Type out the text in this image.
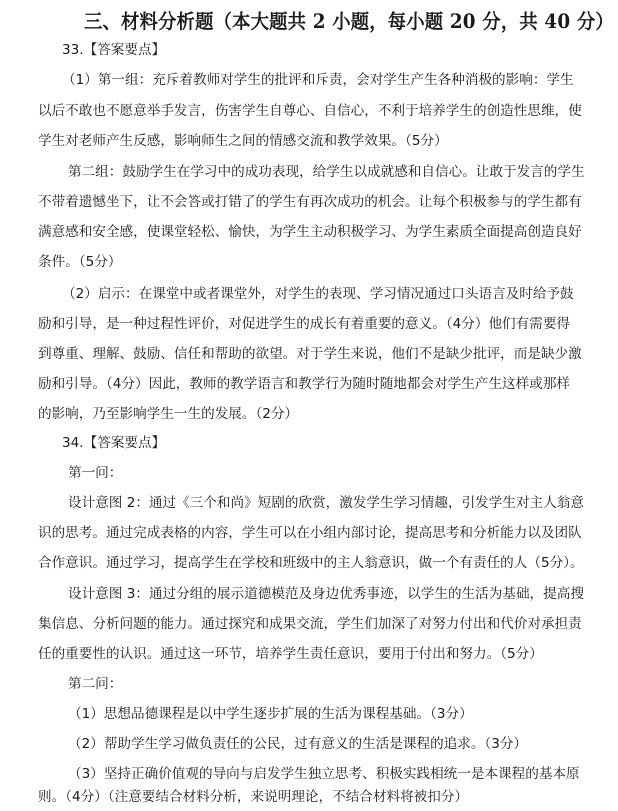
三、材料分析题（本大题共 2 小题，每小题 20 分，共 40 分）
33.【答案要点】
（1）第一组：充斥着教师对学生的批评和斥责，会对学生产生各种消极的影响：学生
以后不敢也不愿意举手发言，伤害学生自尊心、自信心，不利于培养学生的创造性思维，使
学生对老师产生反感，影响师生之间的情感交流和教学效果。（5分）
第二组：鼓励学生在学习中的成功表现，给学生以成就感和自信心。让敢于发言的学生
不带着遗憾坐下，让不会答或打错了的学生有再次成功的机会。让每个积极参与的学生都有
满意感和安全感，使课堂轻松、愉快，为学生主动积极学习、为学生素质全面提高创造良好
条件。（5分）
（2）启示：在课堂中或者课堂外，对学生的表现、学习情况通过口头语言及时给予鼓
励和引导，是一种过程性评价，对促进学生的成长有着重要的意义。（4分）他们有需要得
到尊重、理解、鼓励、信任和帮助的欲望。对于学生来说，他们不是缺少批评，而是缺少激
励和引导。（4分）因此，教师的教学语言和教学行为随时随地都会对学生产生这样或那样
的影响，乃至影响学生一生的发展。（2分）
34.【答案要点】
第一问：
设计意图 2：通过《三个和尚》短剧的欣赏，激发学生学习情趣，引发学生对主人翁意
识的思考。通过完成表格的内容，学生可以在小组内部讨论，提高思考和分析能力以及团队
合作意识。通过学习，提高学生在学校和班级中的主人翁意识，做一个有责任的人（5分）。
设计意图 3：通过分组的展示道德模范及身边优秀事迹，以学生的生活为基础，提高搜
集信息、分析问题的能力。通过探究和成果交流，学生们加深了对努力付出和代价对承担责
任的重要性的认识。通过这一环节，培养学生责任意识，要用于付出和努力。（5分）
第二问：
（1）思想品德课程是以中学生逐步扩展的生活为课程基础。（3分）
（2）帮助学生学习做负责任的公民，过有意义的生活是课程的追求。（3分）
（3）坚持正确价值观的导向与启发学生独立思考、积极实践相统一是本课程的基本原
则。（4分）（注意要结合材料分析，来说明理论，不结合材料将被扣分）
